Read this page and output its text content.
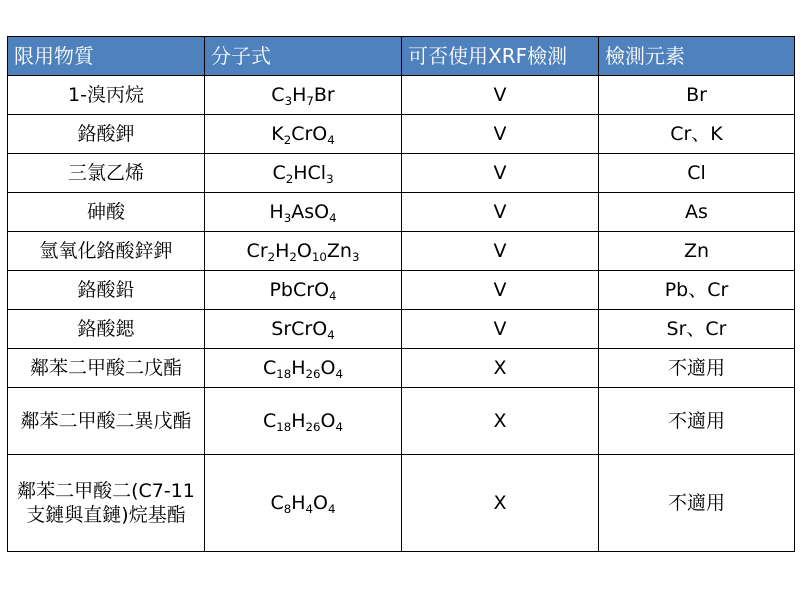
限用物質	分子式	可否使用XRF檢測	檢測元素
1-溴丙烷	$C_3H_7Br$	V	Br
鉻酸鉀	$K_2CrO_4$	V	Cr、K
三氯乙烯	$C_2HCl_3$	V	Cl
砷酸	$H_3AsO_4$	V	As
氫氧化鉻酸鋅鉀	$Cr_2H_2O_{10}Zn_3$	V	Zn
鉻酸鉛	PbCrO$_4$	V	Pb、Cr
鉻酸鍶	SrCrO$_4$	V	Sr、Cr
鄰苯二甲酸二戊酯	$C_{18}H_{26}O_4$	X	不適用
鄰苯二甲酸二異戊酯	$C_{18}H_{26}O_4$	X	不適用
鄰苯二甲酸二(C7-11支鏈與直鏈)烷基酯	$C_8H_4O_4$	X	不適用
